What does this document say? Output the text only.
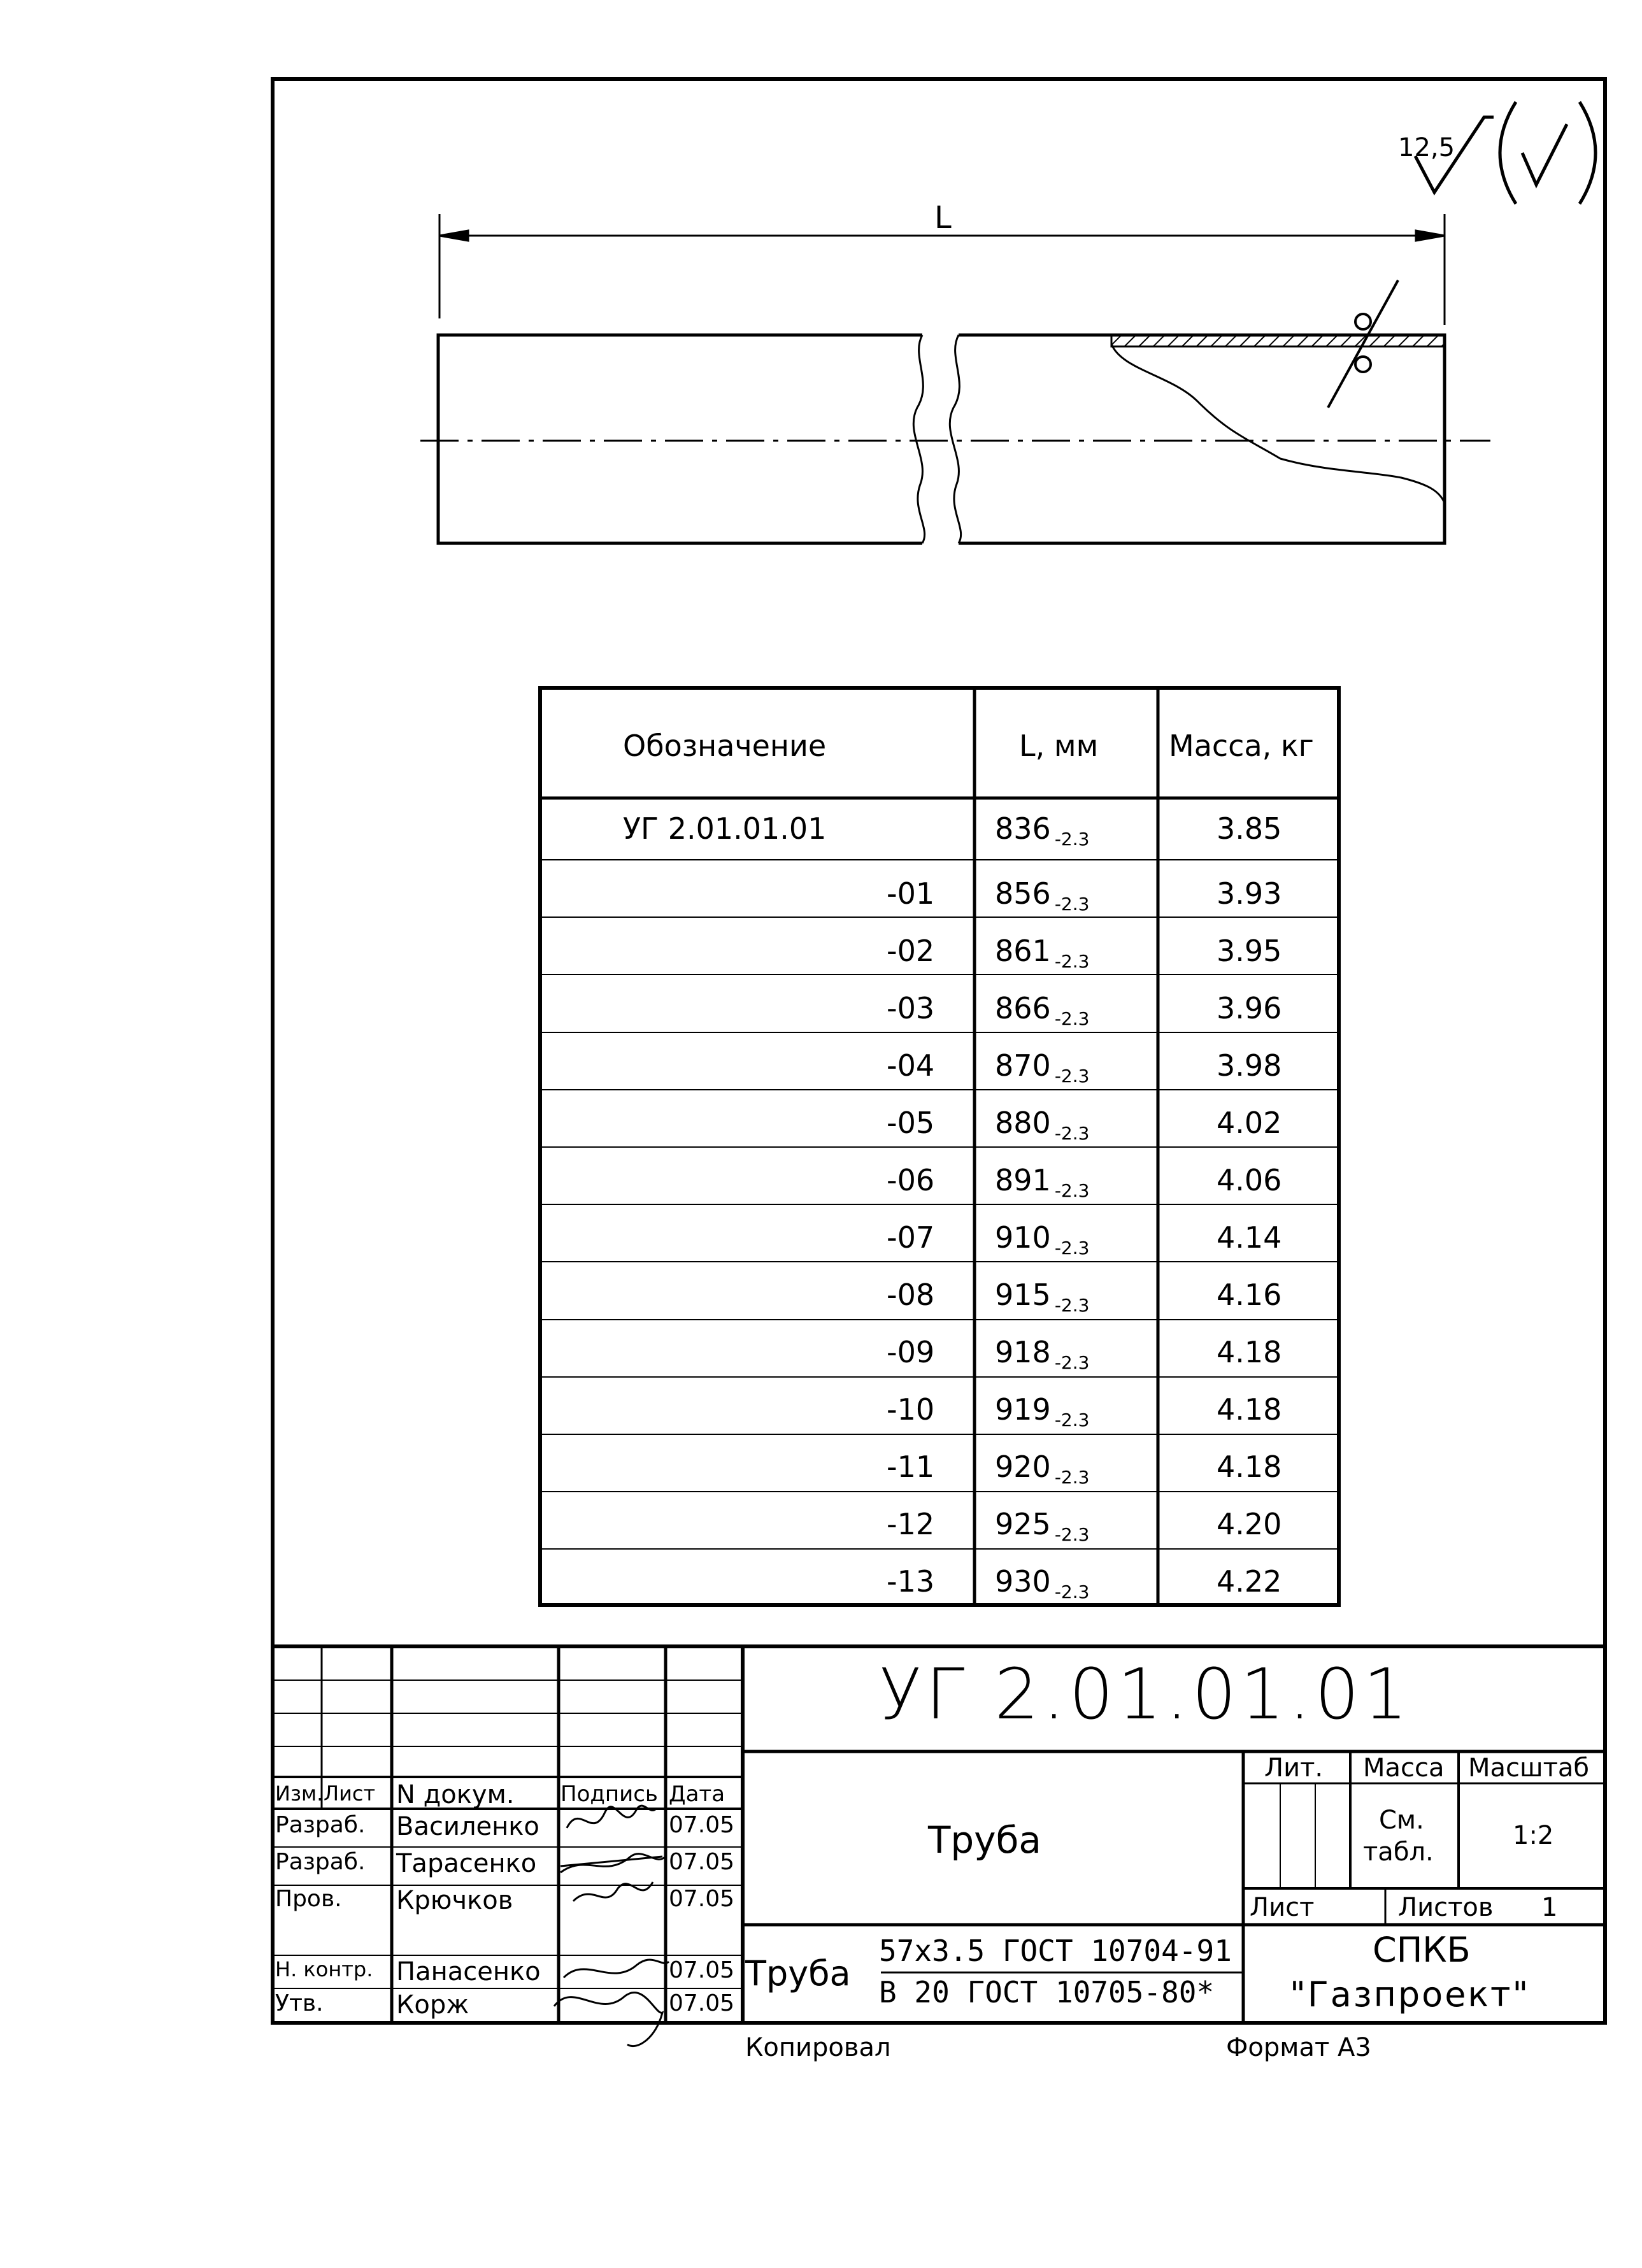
12,5
L
Обозначение	L, мм Масса, кг
УГ 2.01.01.01	836 $_{-2.3}$	3.85
-01 856 $_{-2.3}$	3.93
-02 861 $_{-2.3}$	3.95
-03 866 $_{-2.3}$	3.96
-04 870 $_{-2.3}$	3.98
-05 880 $_{-2.3}$	4.02
-06 891 $_{-2.3}$	4.06
-07 910 $_{-2.3}$	4.14
-08 915 $_{-2.3}$	4.16
-09 918 $_{-2.3}$	4.18
-10 919 $_{-2.3}$	4.18
-11 920 $_{-2.3}$	4.18
-12 925 $_{-2.3}$	4.20
-13 930 $_{-2.3}$	4.22
УГ 2.01.01.01
Изм. Лист N докум. Подпись Дата
Разраб. Василенко	07.05
Разраб. Тарасенко	07.05
Пров. Крючков	07.05
Н. контр. Панасенко	07.05
Утв.	Корж	07.05
Труба
Лит. Масса Масштаб
См.
табл.
1:2
Лист	Листов 1
Труба
57x3.5 ГОСТ 10704-91
В 20 ГОСТ 10705-80*
СПКБ
"Газпроект"
Копировал	Формат А3
